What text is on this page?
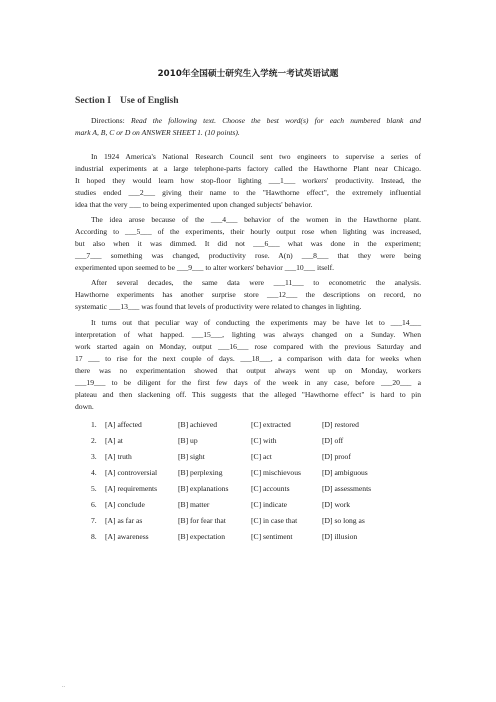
2010年全国硕士研究生入学统一考试英语试题
Section I Use of English
Directions: Read the following text. Choose the best word(s) for each numbered blank and
mark A, B, C or D on ANSWER SHEET 1. (10 points).
In 1924 America's National Research Council sent two engineers to supervise a series of
industrial experiments at a large telephone-parts factory called the Hawthorne Plant near Chicago.
It hoped they would learn how stop-floor lighting ___1___ workers' productivity. Instead, the
studies ended ___2___ giving their name to the "Hawthorne effect", the extremely influential
idea that the very ___ to being experimented upon changed subjects' behavior.
The idea arose because of the ___4___ behavior of the women in the Hawthorne plant.
According to ___5___ of the experiments, their hourly output rose when lighting was increased,
but also when it was dimmed. It did not ___6___ what was done in the experiment;
___7___ something was changed, productivity rose. A(n) ___8___ that they were being
experimented upon seemed to be ___9___ to alter workers' behavior ___10___ itself.
After several decades, the same data were ___11___ to econometric the analysis.
Hawthorne experiments has another surprise store ___12___ the descriptions on record, no
systematic ___13___ was found that levels of productivity were related to changes in lighting.
It turns out that peculiar way of conducting the experiments may be have let to ___14___
interpretation of what happed. ___15___, lighting was always changed on a Sunday. When
work started again on Monday, output ___16___ rose compared with the previous Saturday and
17 ___ to rise for the next couple of days. ___18___, a comparison with data for weeks when
there was no experimentation showed that output always went up on Monday, workers
___19___ to be diligent for the first few days of the week in any case, before ___20___ a
plateau and then slackening off. This suggests that the alleged "Hawthorne effect" is hard to pin
down.
1. [A] affected	[B] achieved	[C] extracted	[D] restored
2. [A] at	[B] up	[C] with	[D] off
3. [A] truth	[B] sight	[C] act	[D] proof
4. [A] controversial	[B] perplexing	[C] mischievous	[D] ambiguous
5. [A] requirements	[B] explanations	[C] accounts	[D] assessments
6. [A] conclude	[B] matter	[C] indicate	[D] work
7. [A] as far as	[B] for fear that	[C] in case that	[D] so long as
8. [A] awareness	[B] expectation	[C] sentiment	[D] illusion
..
